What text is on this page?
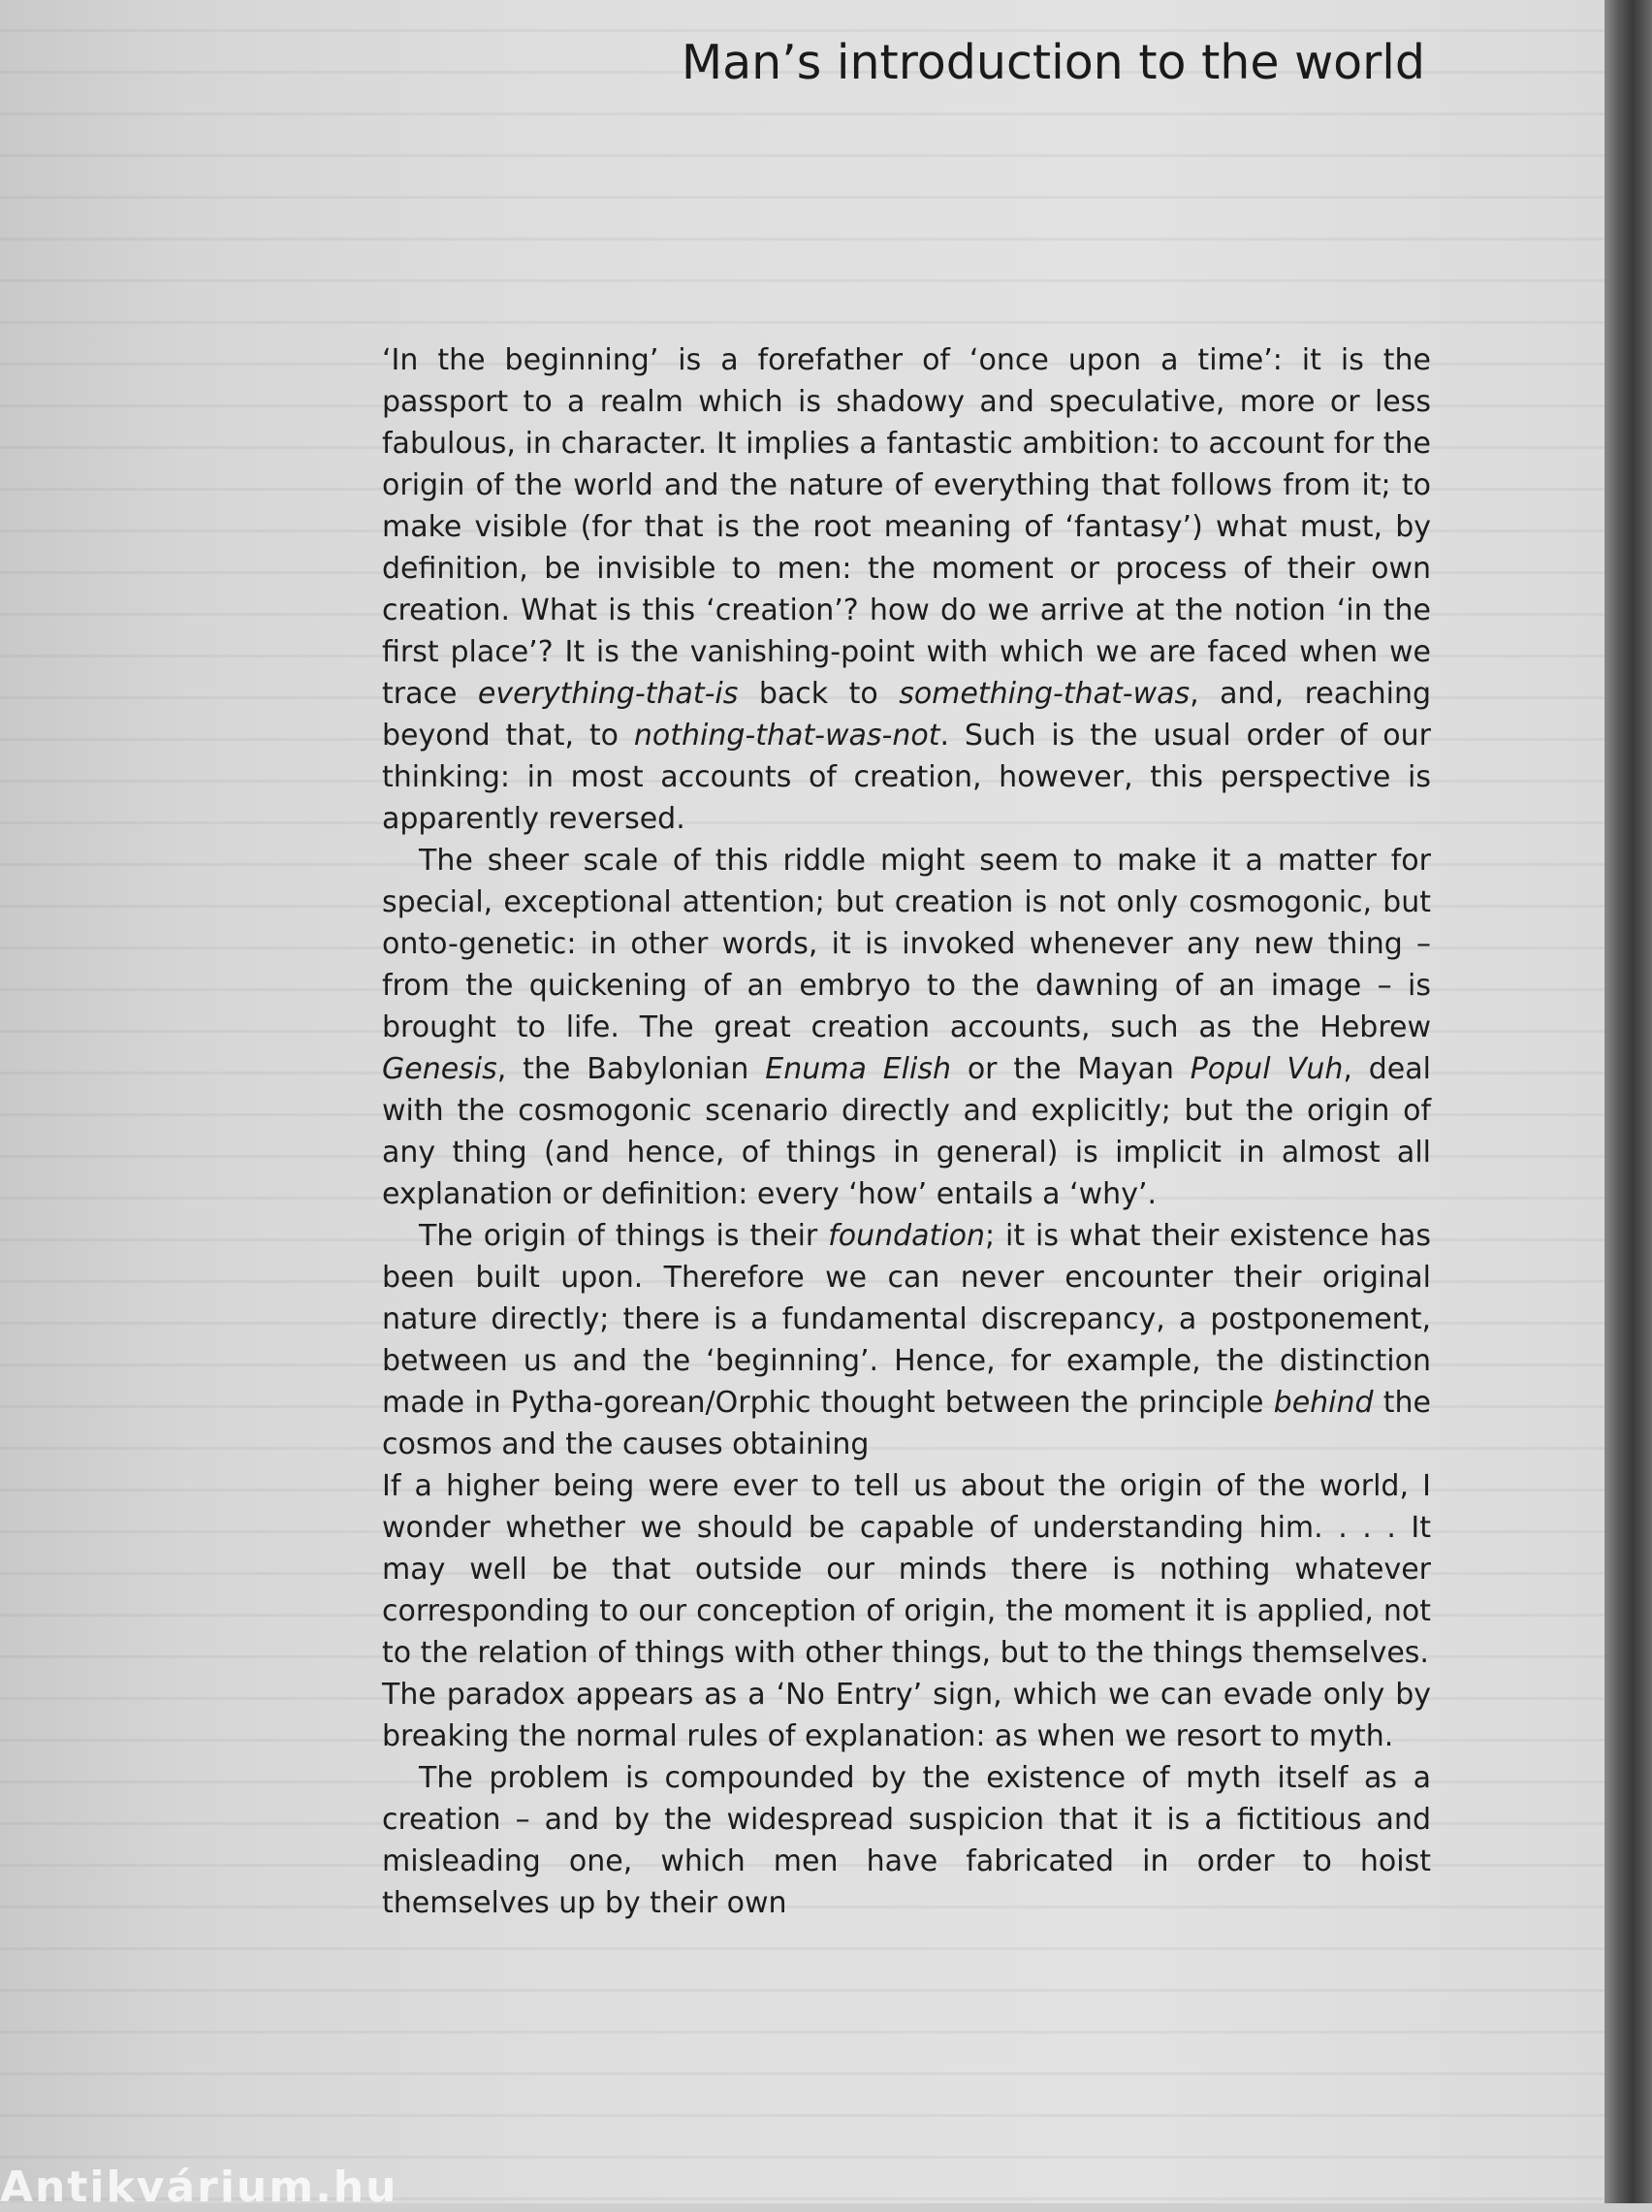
Man’s introduction to the world

‘In the beginning’ is a forefather of ‘once upon a time’: it is the passport to a realm which is shadowy and speculative, more or less fabulous, in character. It implies a fantastic ambition: to account for the origin of the world and the nature of everything that follows from it; to make visible (for that is the root meaning of ‘fantasy’) what must, by definition, be invisible to men: the moment or process of their own creation. What is this ‘creation’? how do we arrive at the notion ‘in the first place’? It is the vanishing-point with which we are faced when we trace everything-that-is back to something-that-was, and, reaching beyond that, to nothing-that-was-not. Such is the usual order of our thinking: in most accounts of creation, however, this perspective is apparently reversed.

The sheer scale of this riddle might seem to make it a matter for special, exceptional attention; but creation is not only cosmogonic, but onto-genetic: in other words, it is invoked whenever any new thing – from the quickening of an embryo to the dawning of an image – is brought to life. The great creation accounts, such as the Hebrew Genesis, the Babylonian Enuma Elish or the Mayan Popul Vuh, deal with the cosmogonic scenario directly and explicitly; but the origin of any thing (and hence, of things in general) is implicit in almost all explanation or definition: every ‘how’ entails a ‘why’.

The origin of things is their foundation; it is what their existence has been built upon. Therefore we can never encounter their original nature directly; there is a fundamental discrepancy, a postponement, between us and the ‘beginning’. Hence, for example, the distinction made in Pytha-gorean/Orphic thought between the principle behind the cosmos and the causes obtaining

If a higher being were ever to tell us about the origin of the world, I wonder whether we should be capable of understanding him. . . . It may well be that outside our minds there is nothing whatever corresponding to our conception of origin, the moment it is applied, not to the relation of things with other things, but to the things themselves.

The paradox appears as a ‘No Entry’ sign, which we can evade only by breaking the normal rules of explanation: as when we resort to myth.

The problem is compounded by the existence of myth itself as a creation – and by the widespread suspicion that it is a fictitious and misleading one, which men have fabricated in order to hoist themselves up by their own

Antikvárium.hu
